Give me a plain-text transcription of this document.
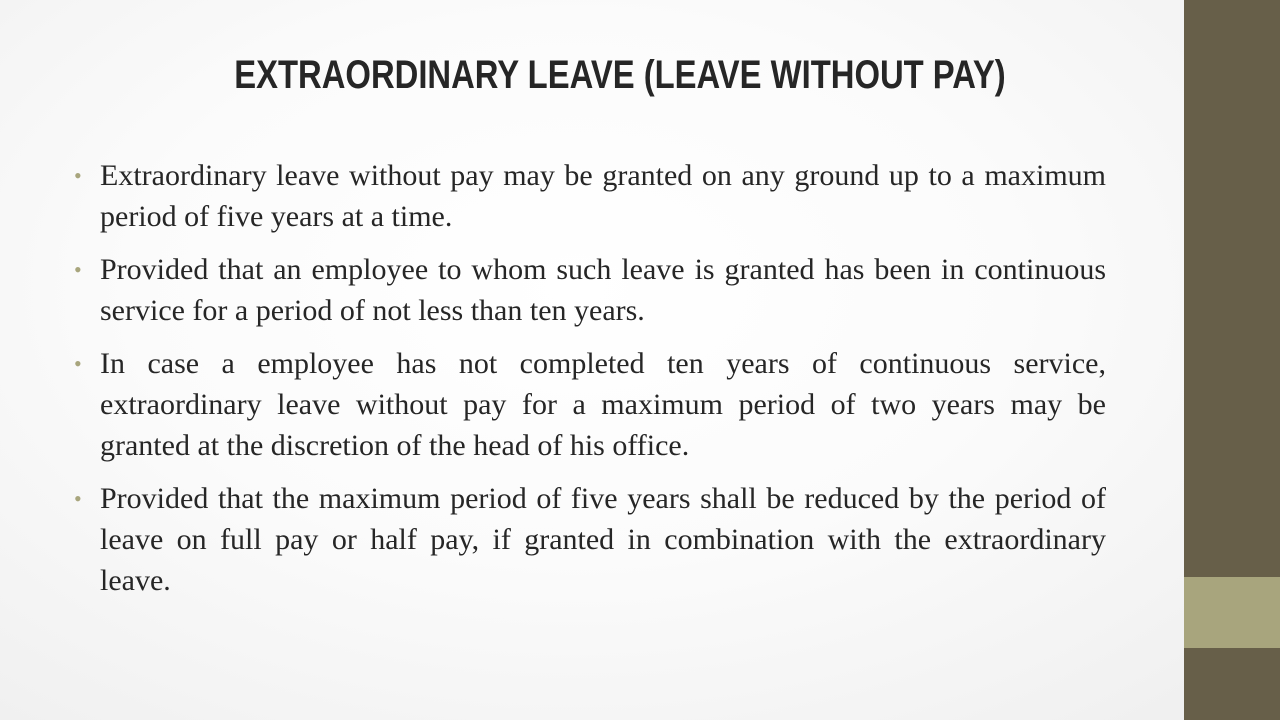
EXTRAORDINARY LEAVE (LEAVE WITHOUT PAY)
• Extraordinary leave without pay may be granted on any ground up to a maximum period of five years at a time.
• Provided that an employee to whom such leave is granted has been in continuous service for a period of not less than ten years.
• In case a employee has not completed ten years of continuous service, extraordinary leave without pay for a maximum period of two years may be granted at the discretion of the head of his office.
• Provided that the maximum period of five years shall be reduced by the period of leave on full pay or half pay, if granted in combination with the extraordinary leave.
